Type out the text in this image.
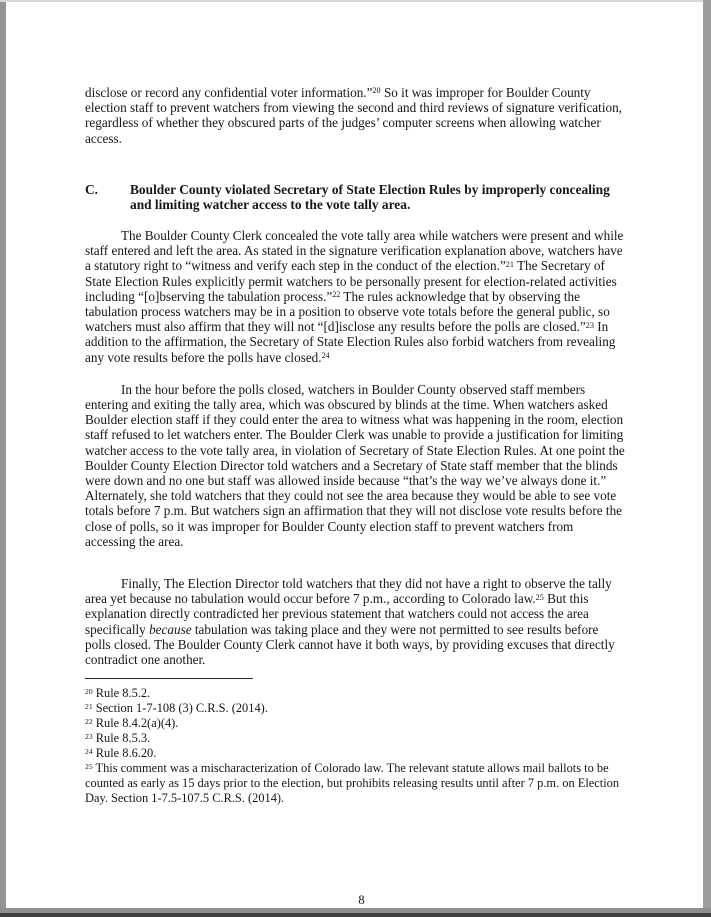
disclose or record any confidential voter information.”$^{20}$ So it was improper for Boulder County election staff to prevent watchers from viewing the second and third reviews of signature verification, regardless of whether they obscured parts of the judges’ computer screens when allowing watcher access.

C.	Boulder County violated Secretary of State Election Rules by improperly concealing and limiting watcher access to the vote tally area.

The Boulder County Clerk concealed the vote tally area while watchers were present and while staff entered and left the area. As stated in the signature verification explanation above, watchers have a statutory right to “witness and verify each step in the conduct of the election.”$^{21}$ The Secretary of State Election Rules explicitly permit watchers to be personally present for election-related activities including “[o]bserving the tabulation process.”$^{22}$ The rules acknowledge that by observing the tabulation process watchers may be in a position to observe vote totals before the general public, so watchers must also affirm that they will not “[d]isclose any results before the polls are closed.”$^{23}$ In addition to the affirmation, the Secretary of State Election Rules also forbid watchers from revealing any vote results before the polls have closed.$^{24}$

In the hour before the polls closed, watchers in Boulder County observed staff members entering and exiting the tally area, which was obscured by blinds at the time. When watchers asked Boulder election staff if they could enter the area to witness what was happening in the room, election staff refused to let watchers enter. The Boulder Clerk was unable to provide a justification for limiting watcher access to the vote tally area, in violation of Secretary of State Election Rules. At one point the Boulder County Election Director told watchers and a Secretary of State staff member that the blinds were down and no one but staff was allowed inside because “that’s the way we’ve always done it.” Alternately, she told watchers that they could not see the area because they would be able to see vote totals before 7 p.m. But watchers sign an affirmation that they will not disclose vote results before the close of polls, so it was improper for Boulder County election staff to prevent watchers from accessing the area.

Finally, The Election Director told watchers that they did not have a right to observe the tally area yet because no tabulation would occur before 7 p.m., according to Colorado law.$^{25}$ But this explanation directly contradicted her previous statement that watchers could not access the area specifically because tabulation was taking place and they were not permitted to see results before polls closed. The Boulder County Clerk cannot have it both ways, by providing excuses that directly contradict one another.

$^{20}$ Rule 8.5.2.

$^{21}$ Section 1-7-108 (3) C.R.S. (2014).

$^{22}$ Rule 8.4.2(a)(4).

$^{23}$ Rule 8.5.3.

$^{24}$ Rule 8.6.20.

$^{25}$ This comment was a mischaracterization of Colorado law. The relevant statute allows mail ballots to be counted as early as 15 days prior to the election, but prohibits releasing results until after 7 p.m. on Election Day. Section 1-7.5-107.5 C.R.S. (2014).

8
